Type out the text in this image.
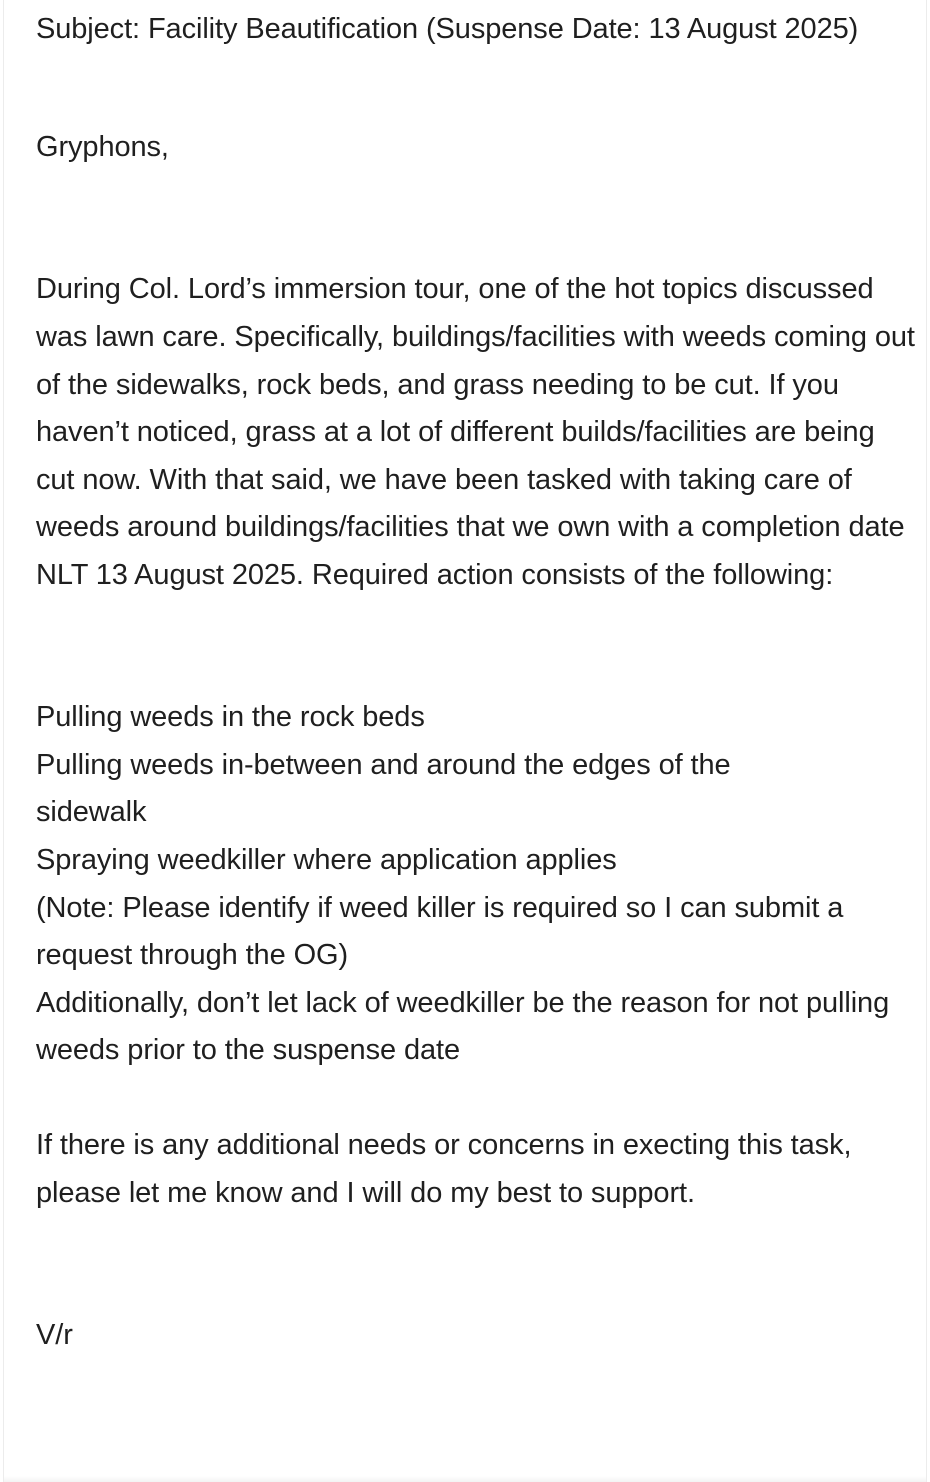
Subject: Facility Beautification (Suspense Date: 13 August 2025)

Gryphons,

During Col. Lord’s immersion tour, one of the hot topics discussed was lawn care. Specifically, buildings/facilities with weeds coming out of the sidewalks, rock beds, and grass needing to be cut. If you haven’t noticed, grass at a lot of different builds/facilities are being cut now. With that said, we have been tasked with taking care of weeds around buildings/facilities that we own with a completion date NLT 13 August 2025. Required action consists of the following:

Pulling weeds in the rock beds

Pulling weeds in-between and around the edges of the sidewalk

Spraying weedkiller where application applies

(Note: Please identify if weed killer is required so I can submit a request through the OG)

Additionally, don’t let lack of weedkiller be the reason for not pulling weeds prior to the suspense date

If there is any additional needs or concerns in execting this task, please let me know and I will do my best to support.

V/r
